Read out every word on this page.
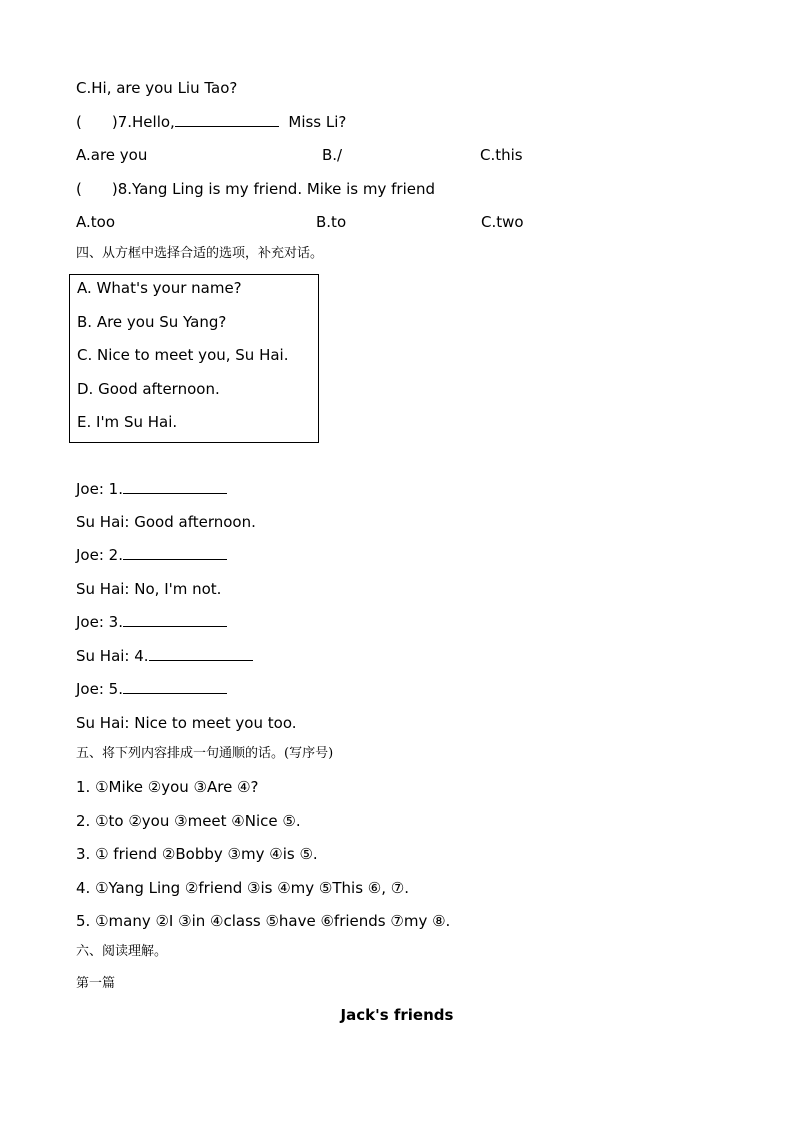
C.Hi, are you Liu Tao?
( )7.Hello,	Miss Li?
A.are you	B./	C.this
( )8.Yang Ling is my friend. Mike is my friend
A.too	B.to	C.two
四、从方框中选择合适的选项，补充对话。
A. What's your name?
B. Are you Su Yang?
C. Nice to meet you, Su Hai.
D. Good afternoon.
E. I'm Su Hai.
Joe: 1.
Su Hai: Good afternoon.
Joe: 2.
Su Hai: No, I'm not.
Joe: 3.
Su Hai: 4.
Joe: 5.
Su Hai: Nice to meet you too.
五、将下列内容排成一句通顺的话。(写序号)
1. ①Mike ②you ③Are ④?
2. ①to ②you ③meet ④Nice ⑤.
3. ① friend ②Bobby ③my ④is ⑤.
4. ①Yang Ling ②friend ③is ④my ⑤This ⑥, ⑦.
5. ①many ②I ③in ④class ⑤have ⑥friends ⑦my ⑧.
六、阅读理解。
第一篇
Jack's friends
